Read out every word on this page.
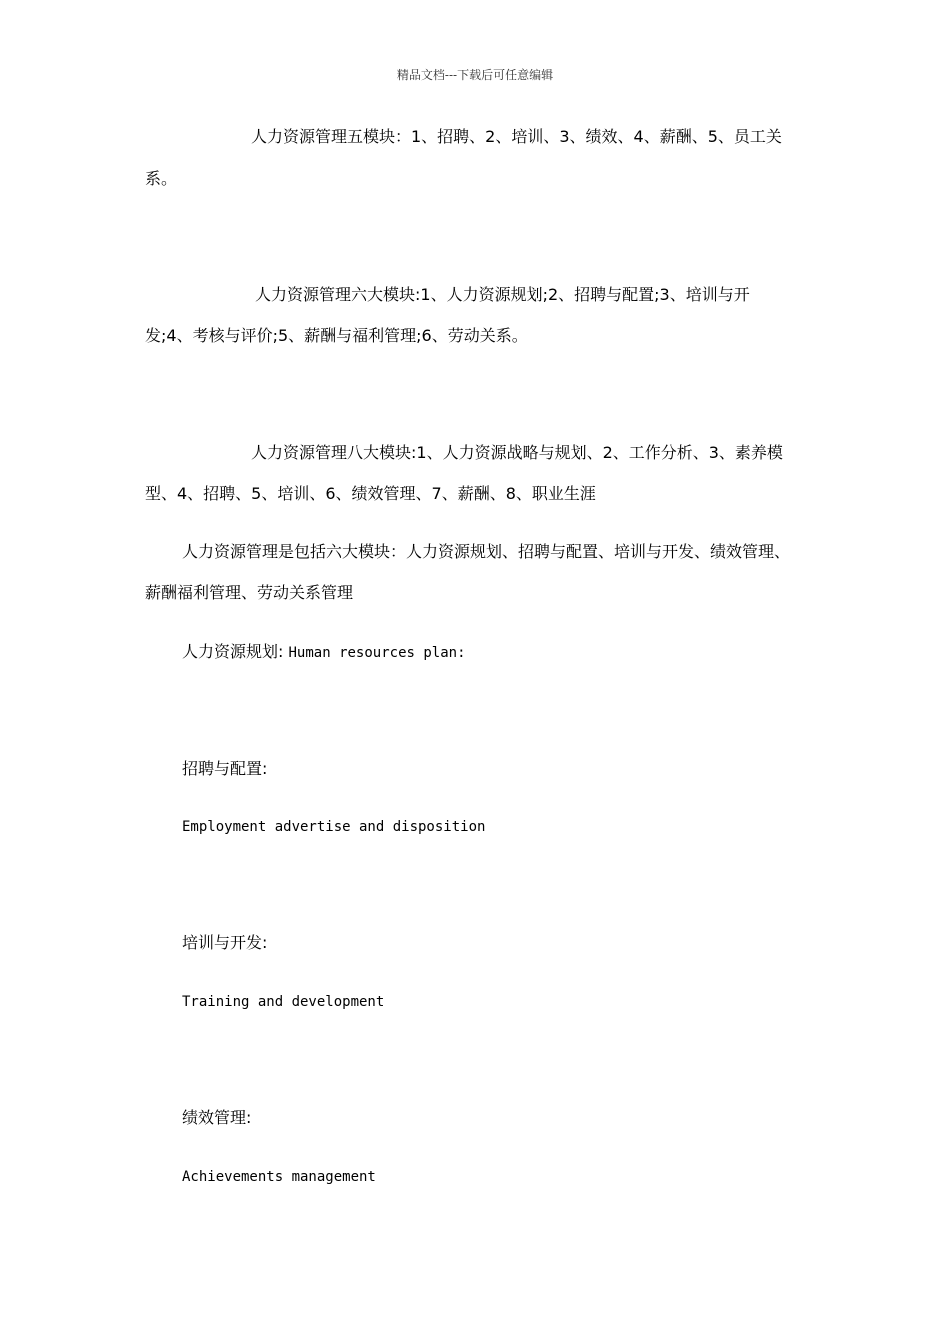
精品文档---下载后可任意编辑
人力资源管理五模块：1、招聘、2、培训、3、绩效、4、薪酬、5、员工关
系。
人力资源管理六大模块:1、人力资源规划;2、招聘与配置;3、培训与开
发;4、考核与评价;5、薪酬与福利管理;6、劳动关系。
人力资源管理八大模块:1、人力资源战略与规划、2、工作分析、3、素养模
型、4、招聘、5、培训、6、绩效管理、7、薪酬、8、职业生涯
人力资源管理是包括六大模块：人力资源规划、招聘与配置、培训与开发、绩效管理、
薪酬福利管理、劳动关系管理
人力资源规划: Human resources plan:
招聘与配置:
Employment advertise and disposition
培训与开发:
Training and development
绩效管理:
Achievements management
